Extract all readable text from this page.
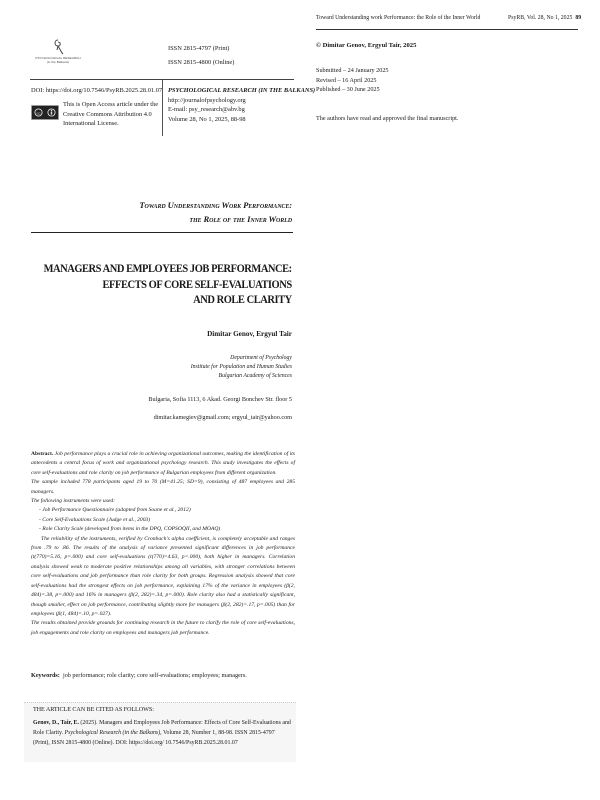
PSYCHOLOGICAL RESEARCH
(in the Balkans)
ISSN 2815-4797 (Print)
ISSN 2815-4800 (Online)
DOI: https://doi.org/10.7546/PsyRB.2025.28.01.07
cc
This is Open Access article under the
Creative Commons Attribution 4.0
International License.
PSYCHOLOGICAL RESEARCH (IN THE BALKANS)
http://journalofpsychology.org
E-mail: psy_research@abv.bg
Volume 28, No 1, 2025, 88-98
Toward Understanding Work Performance:
the Role of the Inner World
MANAGERS AND EMPLOYEES JOB PERFORMANCE:
EFFECTS OF CORE SELF-EVALUATIONS
AND ROLE CLARITY
Dimitar Genov, Ergyul Tair
Department of Psychology
Institute for Population and Human Studies
Bulgarian Academy of Sciences
Bulgaria, Sofia 1113, 6 Akad. Georgi Bonchev Str. floor 5
dimitar.kamegiev@gmail.com; ergyul_tair@yahoo.com
Abstract. Job performance plays a crucial role in achieving organizational outcomes, making the identification of its antecedents a central focus of work and organizational psychology research. This study investigates the effects of core self-evaluations and role clarity on job performance of Bulgarian employees from different organization.
The sample included 778 participants aged 19 to 70 (M=41.25; SD=9), consisting of 487 employees and 285 managers.
The following instruments were used:
- Job Performance Questionnaire (adapted from Soane et al., 2012)
- Core Self-Evaluations Scale (Judge et al., 2003)
- Role Clarity Scale (developed from items in the DPQ, COPSOQII, and MOAQ)
The reliability of the instruments, verified by Cronbach's alpha coefficient, is completely acceptable and ranges from .79 to .86. The results of the analysis of variance presented significant differences in job performance (t(770)=5.16, p=.000) and core self-evaluations (t(770)=4.63, p=.000), both higher in managers. Correlation analysis showed weak to moderate positive relationships among all variables, with stronger correlations between core self-evaluations and job performance than role clarity for both groups. Regression analysis showed that core self-evaluations had the strongest effects on job performance, explaining 17% of the variance in employees (β(2, 484)=.38, p=.000) and 16% in managers (β(2, 282)=.34, p=.000). Role clarity also had a statistically significant, though smaller, effect on job performance, contributing slightly more for managers (β(2, 282)=.17, p=.005) than for employees (β(1, 484)=.10, p=.027).
The results obtained provide grounds for continuing research in the future to clarify the role of core self-evaluations, job engagements and role clarity on employees and managers job performance.
Keywords: job performance; role clarity; core self-evaluations; employees; managers.
THE ARTICLE CAN BE CITED AS FOLLOWS:
Genov, D., Tair, E. (2025). Managers and Employees Job Performance: Effects of Core Self-Evaluations and Role Clarity. Psychological Research (in the Balkans), Volume 28, Number 1, 88-98. ISSN 2815-4797 (Print), ISSN 2815-4800 (Online). DOI: https://doi.org/ 10.7546/PsyRB.2025.28.01.07
Toward Understanding work Performance: the Role of the Inner World	PsyRB, Vol. 28, No 1, 2025 89
© Dimitar Genov, Ergyul Tair, 2025
Submitted – 24 January 2025
Revised – 16 April 2025
Published – 30 June 2025
The authors have read and approved the final manuscript.
